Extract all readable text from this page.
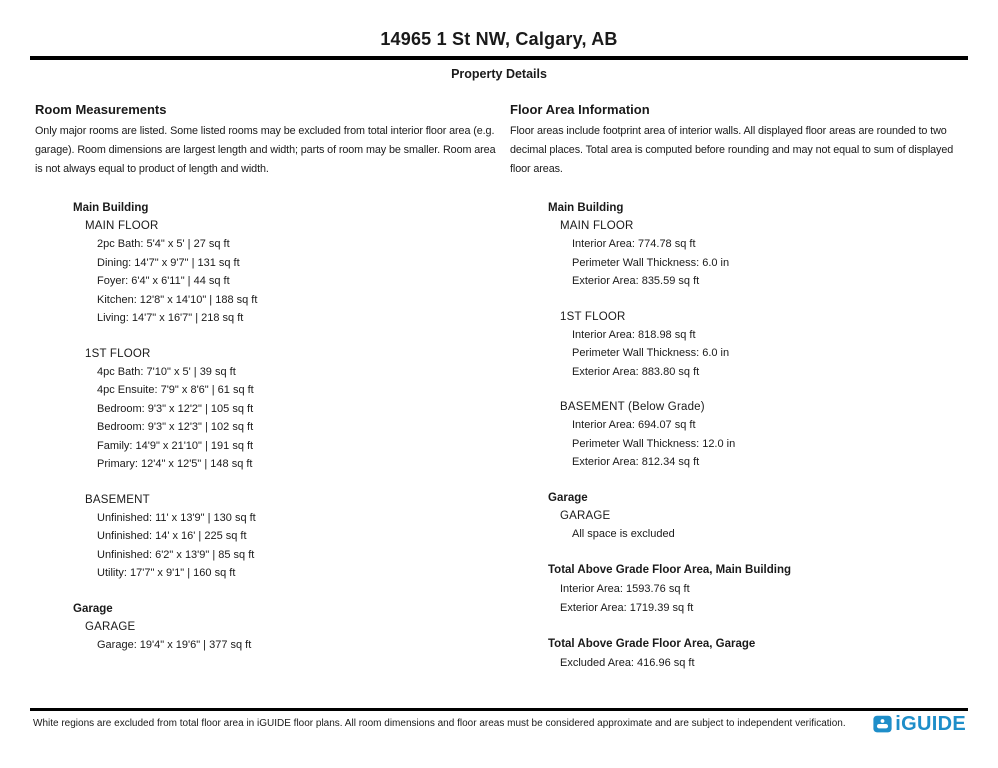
14965 1 St NW, Calgary, AB
Property Details
Room Measurements
Only major rooms are listed. Some listed rooms may be excluded from total interior floor area (e.g. garage). Room dimensions are largest length and width; parts of room may be smaller. Room area is not always equal to product of length and width.
Main Building
MAIN FLOOR
2pc Bath: 5'4" x 5' | 27 sq ft
Dining: 14'7" x 9'7" | 131 sq ft
Foyer: 6'4" x 6'11" | 44 sq ft
Kitchen: 12'8" x 14'10" | 188 sq ft
Living: 14'7" x 16'7" | 218 sq ft
1ST FLOOR
4pc Bath: 7'10" x 5' | 39 sq ft
4pc Ensuite: 7'9" x 8'6" | 61 sq ft
Bedroom: 9'3" x 12'2" | 105 sq ft
Bedroom: 9'3" x 12'3" | 102 sq ft
Family: 14'9" x 21'10" | 191 sq ft
Primary: 12'4" x 12'5" | 148 sq ft
BASEMENT
Unfinished: 11' x 13'9" | 130 sq ft
Unfinished: 14' x 16' | 225 sq ft
Unfinished: 6'2" x 13'9" | 85 sq ft
Utility: 17'7" x 9'1" | 160 sq ft
Garage
GARAGE
Garage: 19'4" x 19'6" | 377 sq ft
Floor Area Information
Floor areas include footprint area of interior walls. All displayed floor areas are rounded to two decimal places. Total area is computed before rounding and may not equal to sum of displayed floor areas.
Main Building
MAIN FLOOR
Interior Area: 774.78 sq ft
Perimeter Wall Thickness: 6.0 in
Exterior Area: 835.59 sq ft
1ST FLOOR
Interior Area: 818.98 sq ft
Perimeter Wall Thickness: 6.0 in
Exterior Area: 883.80 sq ft
BASEMENT (Below Grade)
Interior Area: 694.07 sq ft
Perimeter Wall Thickness: 12.0 in
Exterior Area: 812.34 sq ft
Garage
GARAGE
All space is excluded
Total Above Grade Floor Area, Main Building
Interior Area: 1593.76 sq ft
Exterior Area: 1719.39 sq ft
Total Above Grade Floor Area, Garage
Excluded Area: 416.96 sq ft
White regions are excluded from total floor area in iGUIDE floor plans. All room dimensions and floor areas must be considered approximate and are subject to independent verification. iGUIDE
